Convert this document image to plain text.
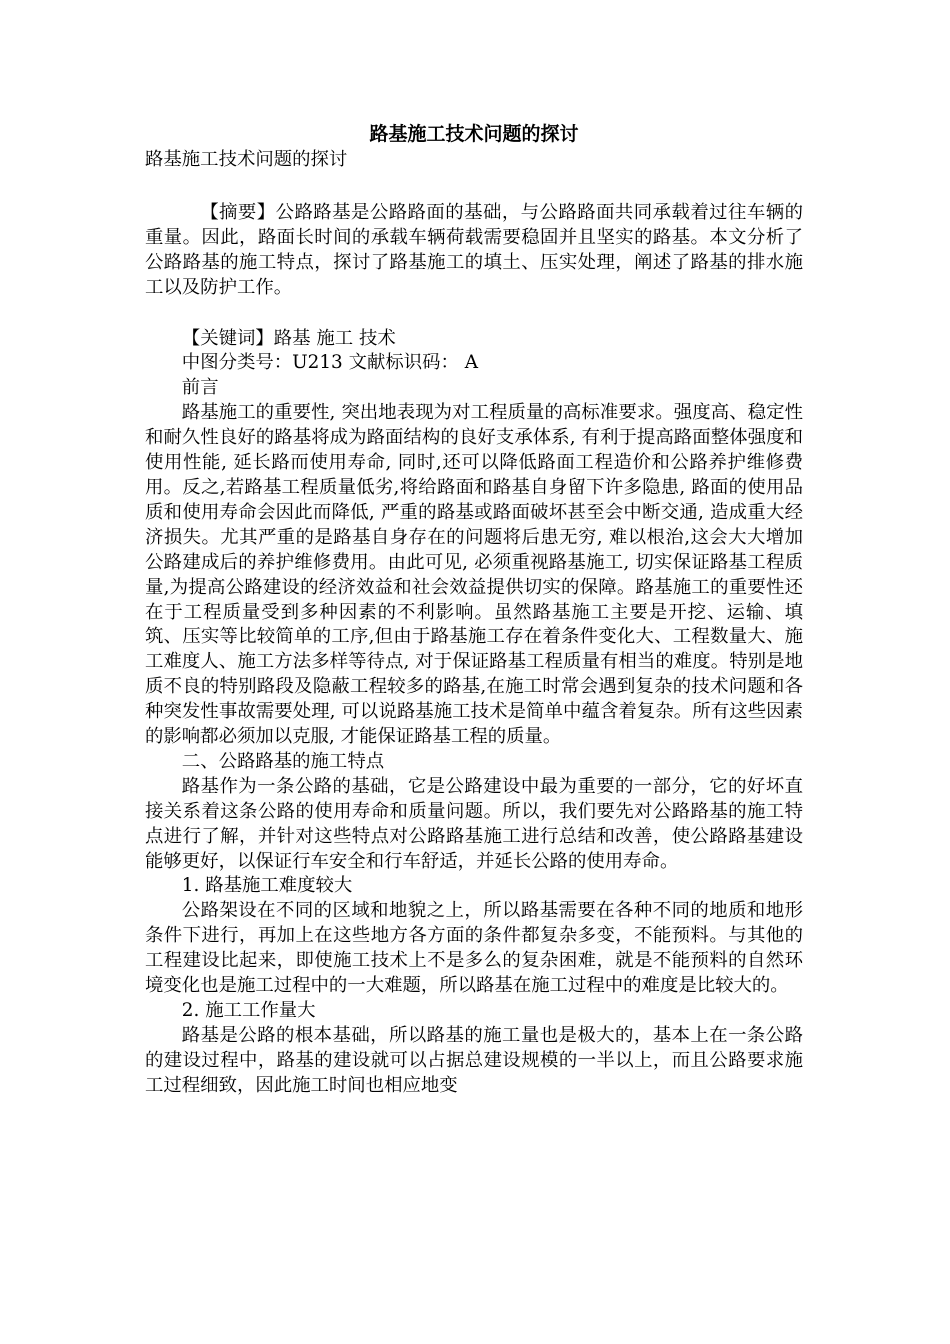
路基施工技术问题的探讨

路基施工技术问题的探讨

【摘要】公路路基是公路路面的基础，与公路路面共同承载着过往车辆的重量。因此，路面长时间的承载车辆荷载需要稳固并且坚实的路基。本文分析了公路路基的施工特点，探讨了路基施工的填土、压实处理，阐述了路基的排水施工以及防护工作。

【关键词】路基 施工 技术

中图分类号：U213 文献标识码： A

前言

路基施工的重要性, 突出地表现为对工程质量的高标准要求。强度高、稳定性和耐久性良好的路基将成为路面结构的良好支承体系, 有利于提高路面整体强度和使用性能, 延长路而使用寿命, 同时,还可以降低路面工程造价和公路养护维修费用。反之,若路基工程质量低劣,将给路面和路基自身留下许多隐患, 路面的使用品质和使用寿命会因此而降低, 严重的路基或路面破坏甚至会中断交通, 造成重大经济损失。尤其严重的是路基自身存在的问题将后患无穷, 难以根治,这会大大增加公路建成后的养护维修费用。由此可见, 必须重视路基施工, 切实保证路基工程质量,为提高公路建设的经济效益和社会效益提供切实的保障。路基施工的重要性还在于工程质量受到多种因素的不利影响。虽然路基施工主要是开挖、运输、填筑、压实等比较简单的工序,但由于路基施工存在着条件变化大、工程数量大、施工难度人、施工方法多样等待点, 对于保证路基工程质量有相当的难度。特别是地质不良的特别路段及隐蔽工程较多的路基,在施工时常会遇到复杂的技术问题和各种突发性事故需要处理, 可以说路基施工技术是简单中蕴含着复杂。所有这些因素的影响都必须加以克服, 才能保证路基工程的质量。

二、公路路基的施工特点

路基作为一条公路的基础，它是公路建设中最为重要的一部分，它的好坏直接关系着这条公路的使用寿命和质量问题。所以，我们要先对公路路基的施工特点进行了解，并针对这些特点对公路路基施工进行总结和改善，使公路路基建设能够更好，以保证行车安全和行车舒适，并延长公路的使用寿命。

1. 路基施工难度较大

公路架设在不同的区域和地貌之上，所以路基需要在各种不同的地质和地形条件下进行，再加上在这些地方各方面的条件都复杂多变，不能预料。与其他的工程建设比起来，即使施工技术上不是多么的复杂困难，就是不能预料的自然环境变化也是施工过程中的一大难题，所以路基在施工过程中的难度是比较大的。

2. 施工工作量大

路基是公路的根本基础，所以路基的施工量也是极大的，基本上在一条公路的建设过程中，路基的建设就可以占据总建设规模的一半以上，而且公路要求施工过程细致，因此施工时间也相应地变
